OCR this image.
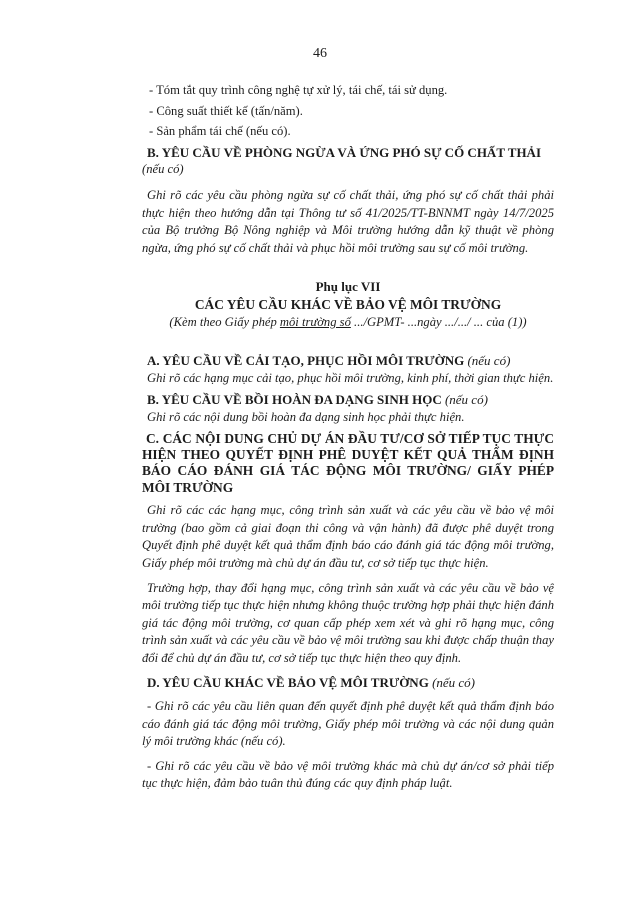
46
- Tóm tắt quy trình công nghệ tự xử lý, tái chế, tái sử dụng.
- Công suất thiết kế (tấn/năm).
- Sản phẩm tái chế (nếu có).
B. YÊU CẦU VỀ PHÒNG NGỪA VÀ ỨNG PHÓ SỰ CỐ CHẤT THẢI
(nếu có)

Ghi rõ các yêu cầu phòng ngừa sự cố chất thải, ứng phó sự cố chất thải phải thực hiện theo hướng dẫn tại Thông tư số 41/2025/TT-BNNMT ngày 14/7/2025 của Bộ trưởng Bộ Nông nghiệp và Môi trường hướng dẫn kỹ thuật về phòng ngừa, ứng phó sự cố chất thải và phục hồi môi trường sau sự cố môi trường.

Phụ lục VII
CÁC YÊU CẦU KHÁC VỀ BẢO VỆ MÔI TRƯỜNG
(Kèm theo Giấy phép môi trường số .../GPMT- ...ngày .../.../ ... của (1))
A. YÊU CẦU VỀ CẢI TẠO, PHỤC HỒI MÔI TRƯỜNG (nếu có)

Ghi rõ các hạng mục cải tạo, phục hồi môi trường, kinh phí, thời gian thực hiện.

B. YÊU CẦU VỀ BỒI HOÀN ĐA DẠNG SINH HỌC (nếu có)

Ghi rõ các nội dung bồi hoàn đa dạng sinh học phải thực hiện.

C. CÁC NỘI DUNG CHỦ DỰ ÁN ĐẦU TƯ/CƠ SỞ TIẾP TỤC THỰC HIỆN THEO QUYẾT ĐỊNH PHÊ DUYỆT KẾT QUẢ THẨM ĐỊNH BÁO CÁO ĐÁNH GIÁ TÁC ĐỘNG MÔI TRƯỜNG/ GIẤY PHÉP MÔI TRƯỜNG

Ghi rõ các các hạng mục, công trình sản xuất và các yêu cầu về bảo vệ môi trường (bao gồm cả giai đoạn thi công và vận hành) đã được phê duyệt trong Quyết định phê duyệt kết quả thẩm định báo cáo đánh giá tác động môi trường, Giấy phép môi trường mà chủ dự án đầu tư, cơ sở tiếp tục thực hiện.

Trường hợp, thay đổi hạng mục, công trình sản xuất và các yêu cầu về bảo vệ môi trường tiếp tục thực hiện nhưng không thuộc trường hợp phải thực hiện đánh giá tác động môi trường, cơ quan cấp phép xem xét và ghi rõ hạng mục, công trình sản xuất và các yêu cầu về bảo vệ môi trường sau khi được chấp thuận thay đổi để chủ dự án đầu tư, cơ sở tiếp tục thực hiện theo quy định.

D. YÊU CẦU KHÁC VỀ BẢO VỆ MÔI TRƯỜNG (nếu có)

- Ghi rõ các yêu cầu liên quan đến quyết định phê duyệt kết quả thẩm định báo cáo đánh giá tác động môi trường, Giấy phép môi trường và các nội dung quản lý môi trường khác (nếu có).

- Ghi rõ các yêu cầu về bảo vệ môi trường khác mà chủ dự án/cơ sở phải tiếp tục thực hiện, đảm bảo tuân thủ đúng các quy định pháp luật.
